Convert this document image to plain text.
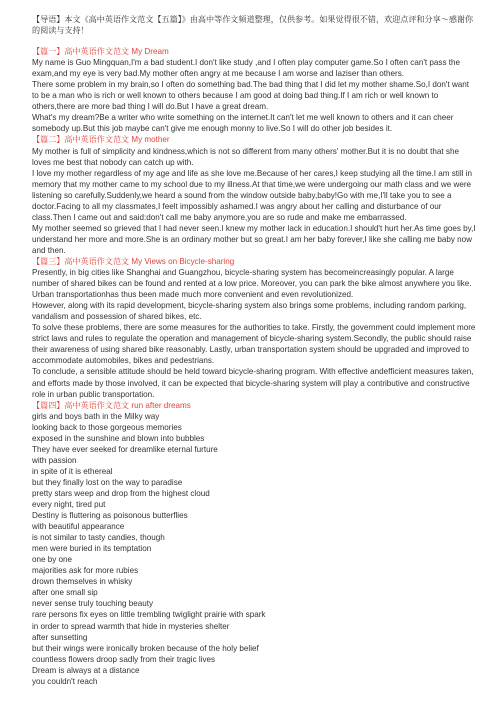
【导语】本文《高中英语作文范文【五篇】》由高中等作文频道整理，仅供参考。如果觉得很不错，欢迎点评和分享～感谢你的阅读与支持！

【篇一】高中英语作文范文 My Dream

My name is Guo Mingquan,I'm a bad student.I don't like study ,and I often play computer game.So I often can't pass the exam,and my eye is very bad.My mother often angry at me because I am worse and laziser than others.

There some problem in my brain,so I often do something bad.The bad thing that I did let my mother shame.So,I don't want to be a man who is rich or well known to others because I am good at doing bad thing.If I am rich or well known to others,there are more bad thing I will do.But I have a great dream.

What's my dream?Be a writer who write something on the internet.It can't let me well known to others and it can cheer somebody up.But this job maybe can't give me enough monny to live.So I will do other job besides it.

【篇二】高中英语作文范文 My mother

My mother is full of simplicity and kindness,which is not so different from many others' mother.But it is no doubt that she loves me best that nobody can catch up with.

I love my mother regardless of my age and life as she love me.Because of her cares,I keep studying all the time.I am still in memory that my mother came to my school due to my illness.At that time,we were undergoing our math class and we were listening so carefully.Suddenly,we heard a sound from the window outside baby,baby!Go with me,I'll take you to see a doctor.Facing to all my classmates,I feelt impossibly ashamed.I was angry about her calling and disturbance of our class.Then I came out and said:don't call me baby anymore,you are so rude and make me embarrassed.

My mother seemed so grieved that I had never seen.I knew my mother lack in education.I should't hurt her.As time goes by,I understand her more and more.She is an ordinary mother but so great.I am her baby forever,I like she calling me baby now and then.

【篇三】高中英语作文范文 My Views on Bicycle-sharing

Presently, in big cities like Shanghai and Guangzhou, bicycle-sharing system has becomeincreasingly popular. A large number of shared bikes can be found and rented at a low price. Moreover, you can park the bike almost anywhere you like. Urban transportationhas thus been made much more convenient and even revolutionized.

However, along with its rapid development, bicycle-sharing system also brings some problems, including random parking, vandalism and possession of shared bikes, etc.

To solve these problems, there are some measures for the authorities to take. Firstly, the government could implement more strict laws and rules to regulate the operation and management of bicycle-sharing system.Secondly, the public should raise their awareness of using shared bike reasonably. Lastly, urban transportation system should be upgraded and improved to accommodate automobiles, bikes and pedestrians.

To conclude, a sensible attitude should be held toward bicycle-sharing program. With effective andefficient measures taken, and efforts made by those involved, it can be expected that bicycle-sharing system will play a contributive and constructive role in urban public transportation.

【篇四】高中英语作文范文 run after dreams

girls and boys bath in the Milky way

looking back to those gorgeous memories

exposed in the sunshine and blown into bubbles

They have ever seeked for dreamlike eternal furture

with passion

in spite of it is ethereal

but they finally lost on the way to paradise

pretty stars weep and drop from the highest cloud

every night, tired put

Destiny is fluttering as poisonous butterflies

with beautiful appearance

is not similar to tasty candies, though

men were buried in its temptation

one by one

majorities ask for more rubies

drown themselves in whisky

after one small sip

never sense truly touching beauty

rare persons fix eyes on little trembling twiglight prairie with spark

in order to spread warmth that hide in mysteries shelter

after sunsetting

but their wings were ironically broken because of the holy belief

countless flowers droop sadly from their tragic lives

Dream is always at a distance

you couldn't reach
